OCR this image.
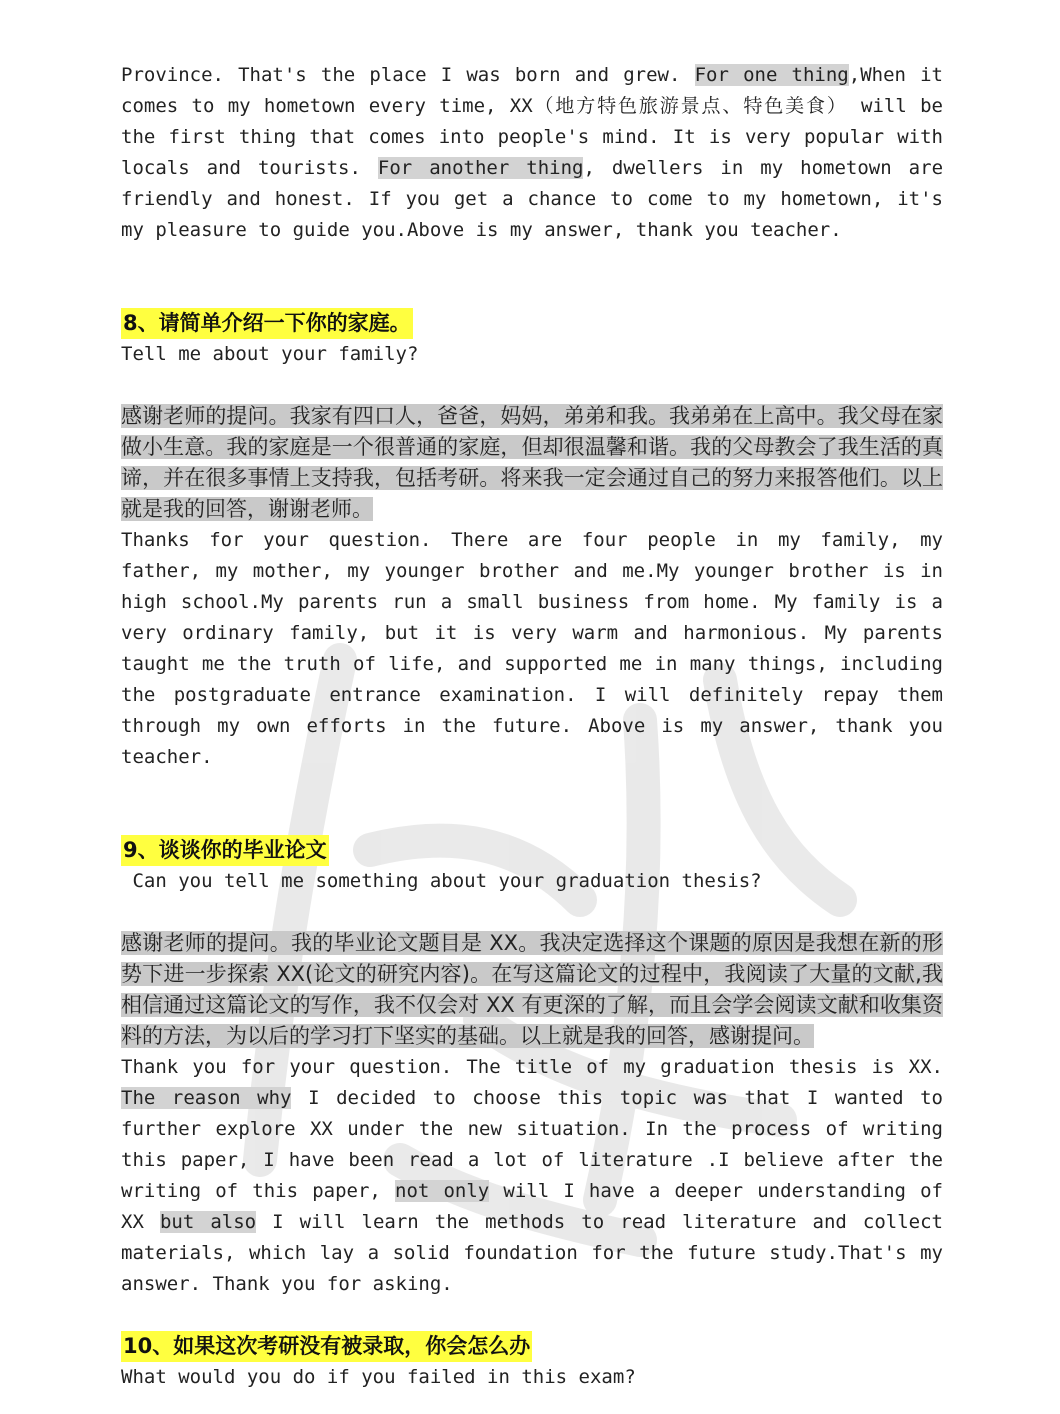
Province. That's the place I was born and grew. For one thing,When it comes to my hometown every time, XX（地方特色旅游景点、特色美食） will be the first thing that comes into people's mind. It is very popular with locals and tourists. For another thing, dwellers in my hometown are friendly and honest. If you get a chance to come to my hometown, it's my pleasure to guide you.Above is my answer, thank you teacher.

8、请简单介绍一下你的家庭。

Tell me about your family?

感谢老师的提问。我家有四口人，爸爸，妈妈，弟弟和我。我弟弟在上高中。我父母在家做小生意。我的家庭是一个很普通的家庭，但却很温馨和谐。我的父母教会了我生活的真谛，并在很多事情上支持我，包括考研。将来我一定会通过自己的努力来报答他们。以上就是我的回答，谢谢老师。

Thanks for your question. There are four people in my family, my father, my mother, my younger brother and me.My younger brother is in high school.My parents run a small business from home. My family is a very ordinary family, but it is very warm and harmonious. My parents taught me the truth of life, and supported me in many things, including the postgraduate entrance examination. I will definitely repay them through my own efforts in the future. Above is my answer, thank you teacher.

9、谈谈你的毕业论文

Can you tell me something about your graduation thesis?

感谢老师的提问。我的毕业论文题目是 XX。我决定选择这个课题的原因是我想在新的形势下进一步探索 XX(论文的研究内容)。在写这篇论文的过程中，我阅读了大量的文献,我相信通过这篇论文的写作，我不仅会对 XX 有更深的了解，而且会学会阅读文献和收集资料的方法，为以后的学习打下坚实的基础。以上就是我的回答，感谢提问。

Thank you for your question. The title of my graduation thesis is XX. The reason why I decided to choose this topic was that I wanted to further explore XX under the new situation. In the process of writing this paper, I have been read a lot of literature .I believe after the writing of this paper, not only will I have a deeper understanding of XX but also I will learn the methods to read literature and collect materials, which lay a solid foundation for the future study.That's my answer. Thank you for asking.

10、如果这次考研没有被录取，你会怎么办

What would you do if you failed in this exam?
